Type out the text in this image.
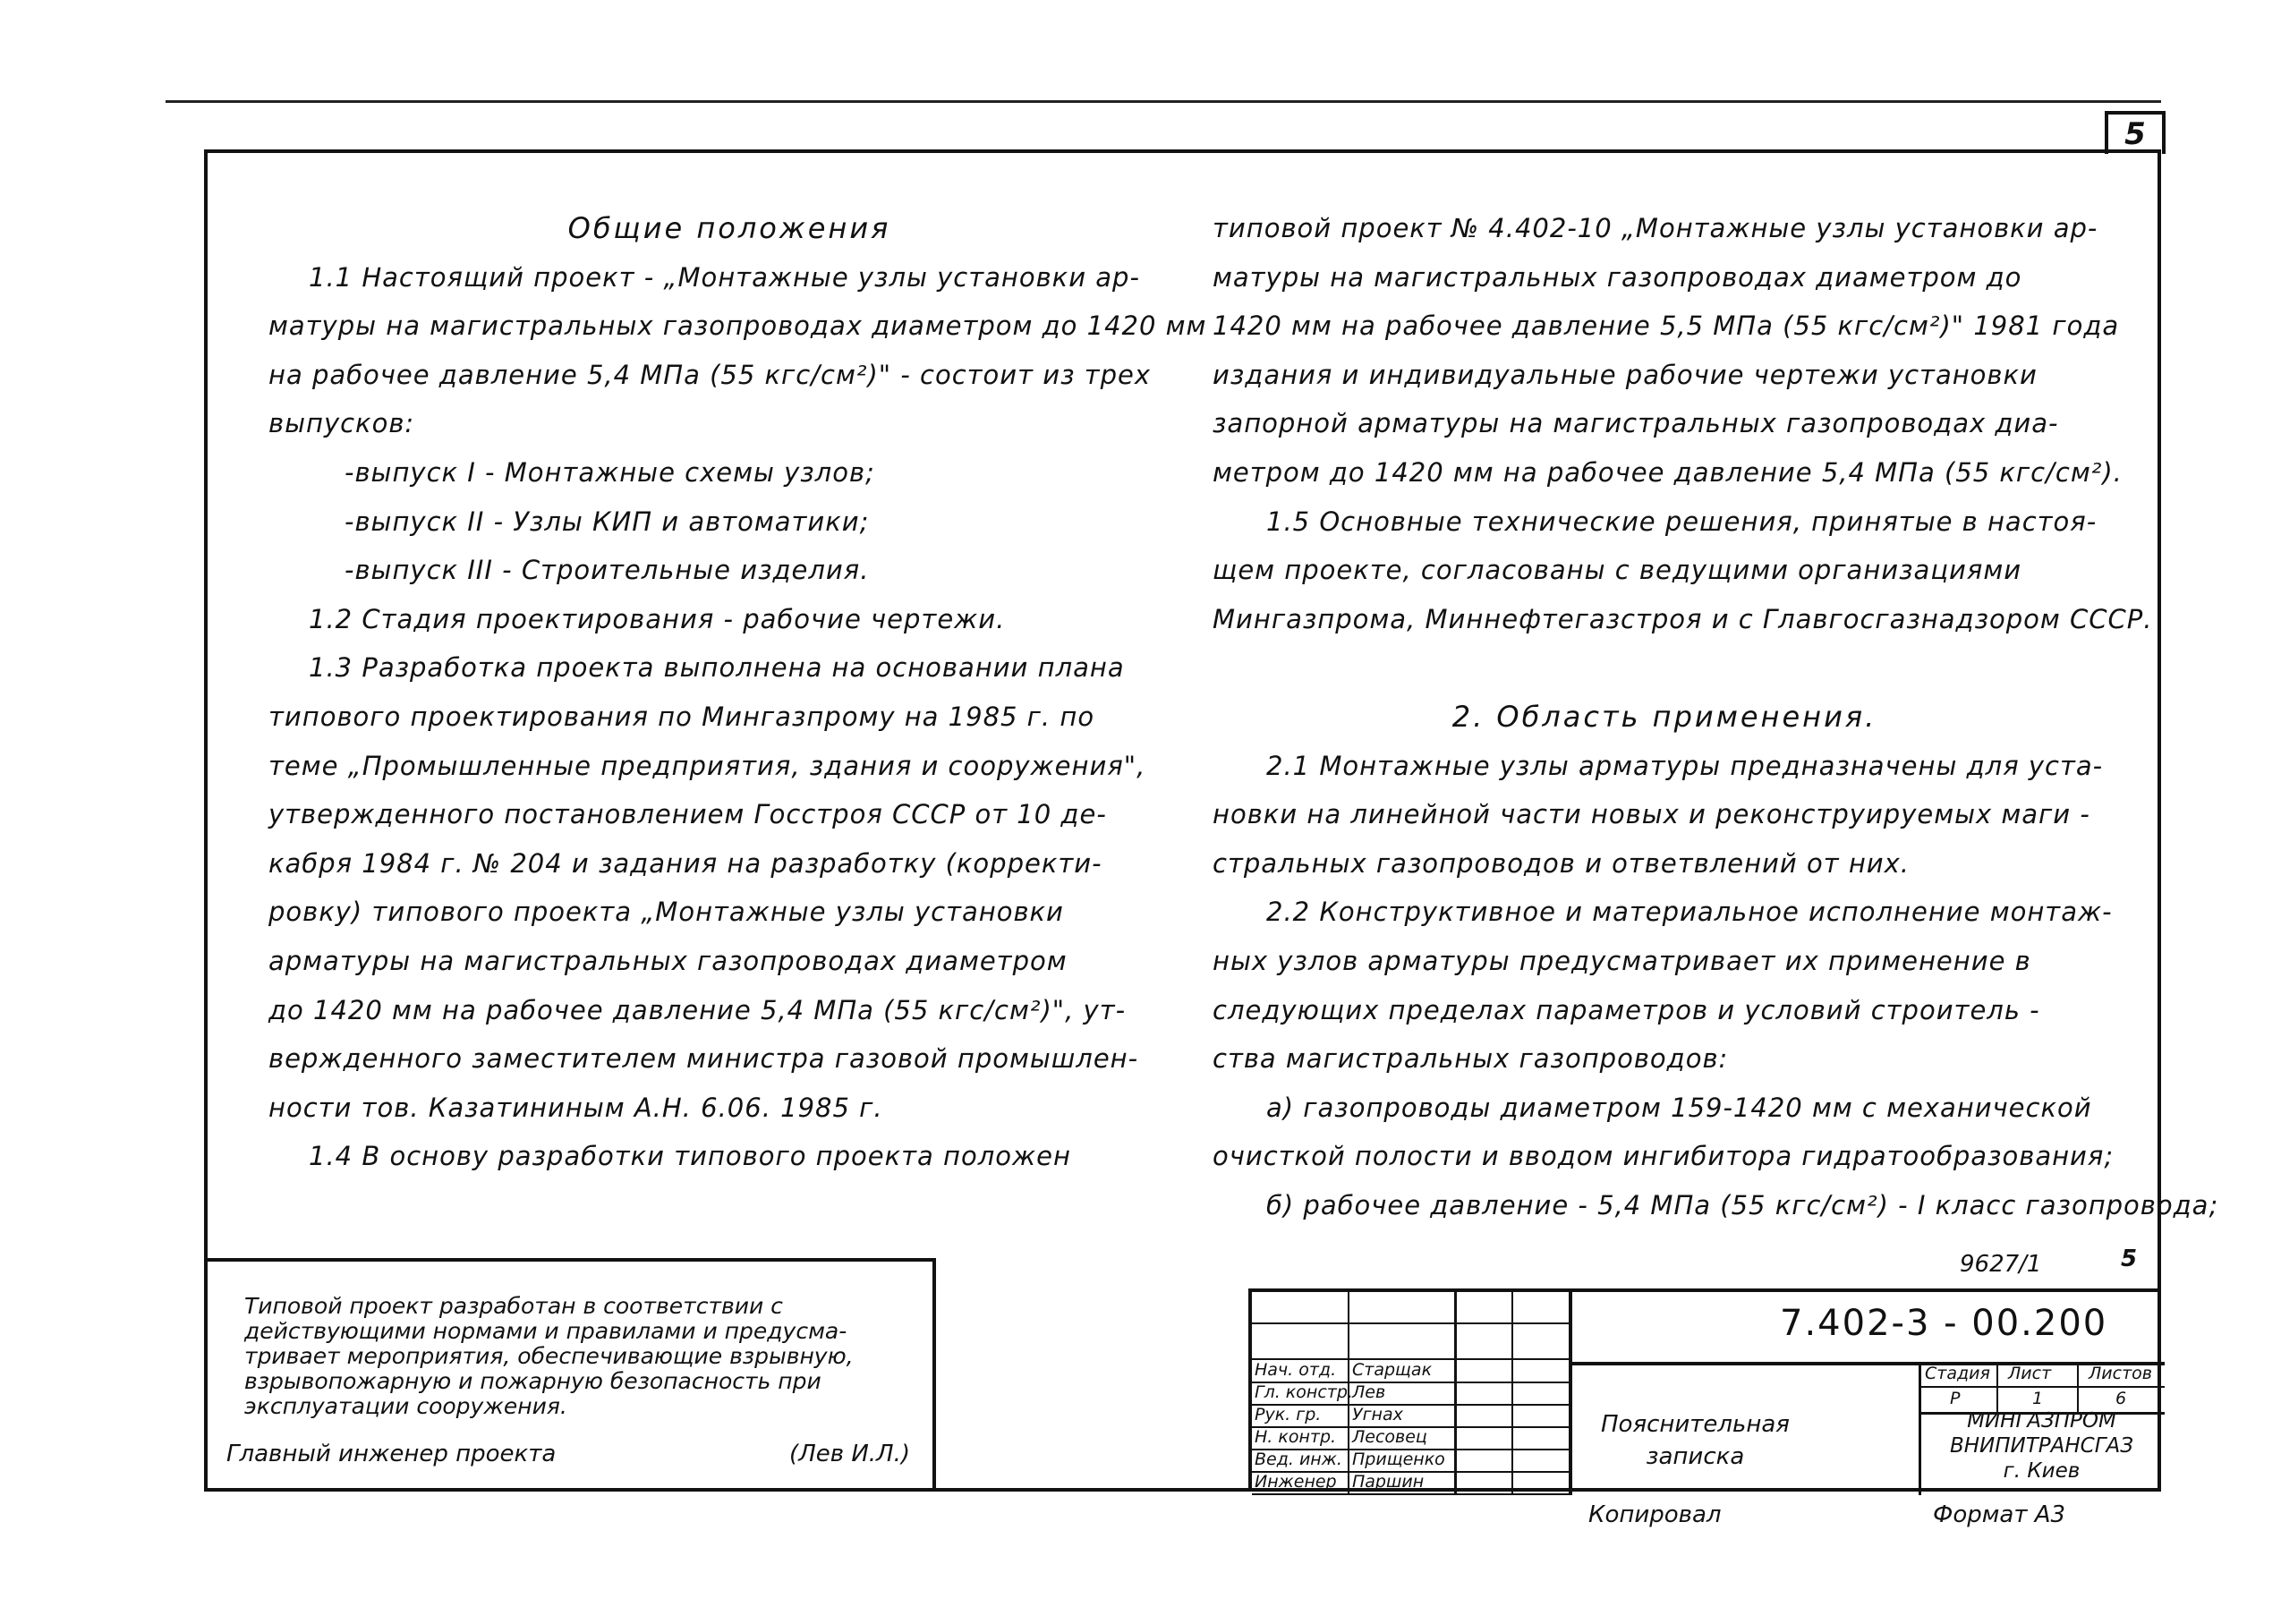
5
Общие положения
1.1 Настоящий проект - „Монтажные узлы установки ар-
матуры на магистральных газопроводах диаметром до 1420 мм
на рабочее давление 5,4 МПа (55 кгс/см²)" - состоит из трех
выпусков:
-выпуск I - Монтажные схемы узлов;
-выпуск II - Узлы КИП и автоматики;
-выпуск III - Строительные изделия.
1.2 Стадия проектирования - рабочие чертежи.
1.3 Разработка проекта выполнена на основании плана
типового проектирования по Мингазпрому на 1985 г. по
теме „Промышленные предприятия, здания и сооружения",
утвержденного постановлением Госстроя СССР от 10 де-
кабря 1984 г. № 204 и задания на разработку (корректи-
ровку) типового проекта „Монтажные узлы установки
арматуры на магистральных газопроводах диаметром
до 1420 мм на рабочее давление 5,4 МПа (55 кгс/см²)", ут-
вержденного заместителем министра газовой промышлен-
ности тов. Казатининым А.Н. 6.06. 1985 г.
1.4 В основу разработки типового проекта положен
типовой проект № 4.402-10 „Монтажные узлы установки ар-
матуры на магистральных газопроводах диаметром до
1420 мм на рабочее давление 5,5 МПа (55 кгс/см²)" 1981 года
издания и индивидуальные рабочие чертежи установки
запорной арматуры на магистральных газопроводах диа-
метром до 1420 мм на рабочее давление 5,4 МПа (55 кгс/см²).
1.5 Основные технические решения, принятые в настоя-
щем проекте, согласованы с ведущими организациями
Мингазпрома, Миннефтегазстроя и с Главгосгазнадзором СССР.
2. Область применения.
2.1 Монтажные узлы арматуры предназначены для уста-
новки на линейной части новых и реконструируемых маги -
стральных газопроводов и ответвлений от них.
2.2 Конструктивное и материальное исполнение монтаж-
ных узлов арматуры предусматривает их применение в
следующих пределах параметров и условий строитель -
ства магистральных газопроводов:
а) газопроводы диаметром 159-1420 мм с механической
очисткой полости и вводом ингибитора гидратообразования;
б) рабочее давление - 5,4 МПа (55 кгс/см²) - I класс газопровода;
Типовой проект разработан в соответствии с
действующими нормами и правилами и предусма-
тривает мероприятия, обеспечивающие взрывную,
взрывопожарную и пожарную безопасность при
эксплуатации сооружения.
Главный инженер проекта	(Лев И.Л.)
9627/1	5
Нач. отд. Старщак
Гл. констр. Лев
Рук. гр. Угнах
Н. контр. Лесовец
Вед. инж. Прищенко
Инженер Паршин
7.402-3 - 00.200
Пояснительная
записка
Стадия Лист Листов
Р	1	6
МИНГАЗПРОМ
ВНИПИТРАНСГАЗ
г. Киев
Копировал	Формат А3
